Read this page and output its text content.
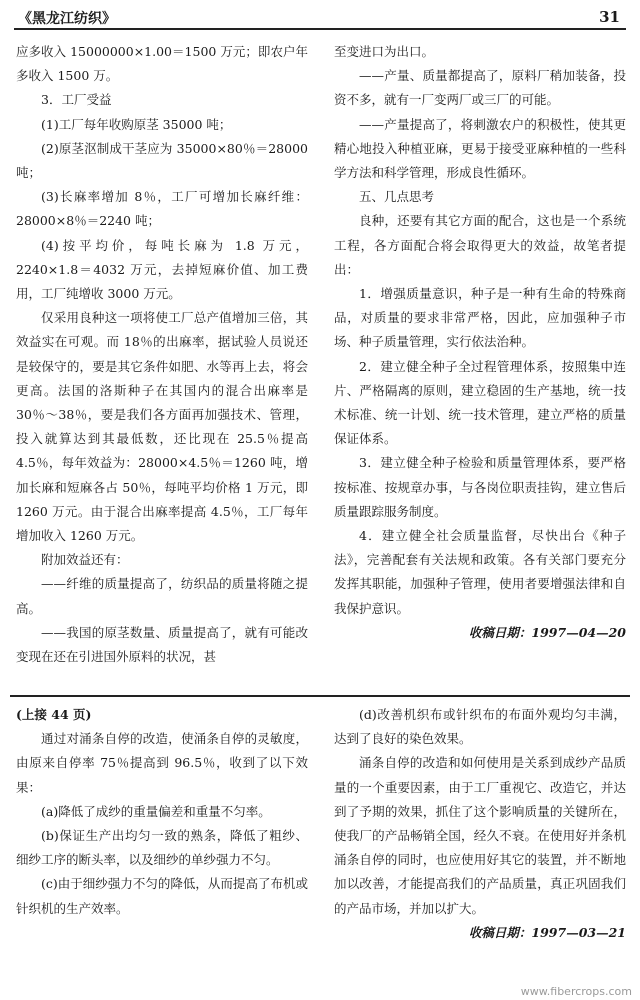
《黑龙江纺织》	31

应多收入 15000000×1.00＝1500 万元；即农户年多收入 1500 万。

3．工厂受益

(1)工厂每年收购原茎 35000 吨；

(2)原茎沤制成干茎应为 35000×80％＝28000 吨；

(3)长麻率增加 8％，工厂可增加长麻纤维：28000×8％＝2240 吨；

(4)按平均价，每吨长麻为 1.8 万元，2240×1.8＝4032 万元，去掉短麻价值、加工费用，工厂纯增收 3000 万元。

仅采用良种这一项将使工厂总产值增加三倍，其效益实在可观。而 18％的出麻率，据试验人员说还是较保守的，要是其它条件如肥、水等再上去，将会更高。法国的洛斯种子在其国内的混合出麻率是 30％～38％，要是我们各方面再加强技术、管理，投入就算达到其最低数，还比现在 25.5％提高 4.5％，每年效益为：28000×4.5％＝1260 吨，增加长麻和短麻各占 50％，每吨平均价格 1 万元，即 1260 万元。由于混合出麻率提高 4.5％，工厂每年增加收入 1260 万元。

附加效益还有：

——纤维的质量提高了，纺织品的质量将随之提高。

——我国的原茎数量、质量提高了，就有可能改变现在还在引进国外原料的状况，甚

至变进口为出口。

——产量、质量都提高了，原料厂稍加装备，投资不多，就有一厂变两厂或三厂的可能。

——产量提高了，将刺激农户的积极性，使其更精心地投入种植亚麻，更易于接受亚麻种植的一些科学方法和科学管理，形成良性循环。

五、几点思考

良种，还要有其它方面的配合，这也是一个系统工程，各方面配合将会取得更大的效益，故笔者提出：

1．增强质量意识，种子是一种有生命的特殊商品，对质量的要求非常严格，因此，应加强种子市场、种子质量管理，实行依法治种。

2．建立健全种子全过程管理体系，按照集中连片、严格隔离的原则，建立稳固的生产基地，统一技术标准、统一计划、统一技术管理，建立严格的质量保证体系。

3．建立健全种子检验和质量管理体系，要严格按标准、按规章办事，与各岗位职责挂钩，建立售后质量跟踪服务制度。

4．建立健全社会质量监督，尽快出台《种子法》，完善配套有关法规和政策。各有关部门要充分发挥其职能，加强种子管理，使用者要增强法律和自我保护意识。

收稿日期：1997—04—20

(上接 44 页)

通过对涌条自停的改造，使涌条自停的灵敏度，由原来自停率 75％提高到 96.5％，收到了以下效果：

(a)降低了成纱的重量偏差和重量不匀率。

(b)保证生产出均匀一致的熟条，降低了粗纱、细纱工序的断头率，以及细纱的单纱强力不匀。

(c)由于细纱强力不匀的降低，从而提高了布机或针织机的生产效率。

(d)改善机织布或针织布的布面外观均匀丰满，达到了良好的染色效果。

涌条自停的改造和如何使用是关系到成纱产品质量的一个重要因素，由于工厂重视它、改造它，并达到了予期的效果，抓住了这个影响质量的关键所在，使我厂的产品畅销全国，经久不衰。在使用好并条机涌条自停的同时，也应使用好其它的装置，并不断地加以改善，才能提高我们的产品质量，真正巩固我们的产品市场，并加以扩大。

收稿日期：1997—03—21

www.fibercrops.com
